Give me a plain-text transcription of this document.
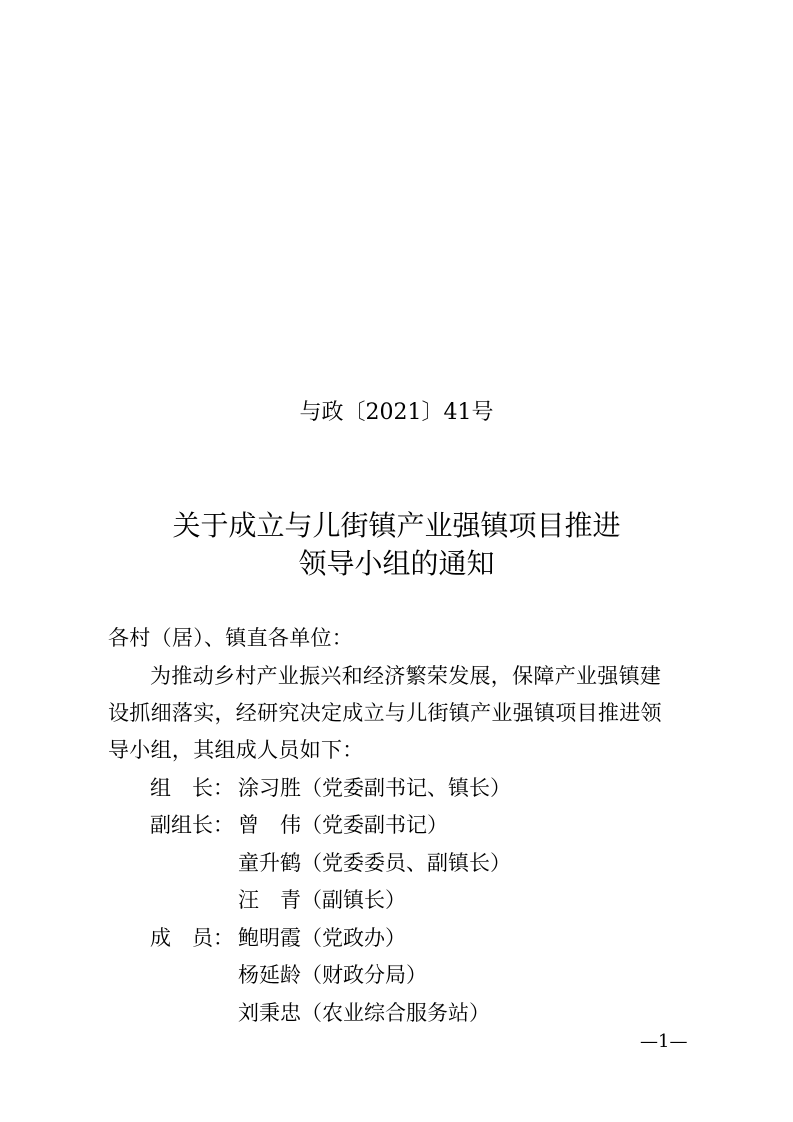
与政〔2021〕41号
关于成立与儿街镇产业强镇项目推进
领导小组的通知
各村（居）、镇直各单位：
为推动乡村产业振兴和经济繁荣发展，保障产业强镇建
设抓细落实，经研究决定成立与儿街镇产业强镇项目推进领
导小组，其组成人员如下：
组　长： 涂习胜（党委副书记、镇长）
副组长： 曾　伟（党委副书记）
童升鹤（党委委员、副镇长）
汪　青（副镇长）
成　员： 鲍明霞（党政办）
杨延龄（财政分局）
刘秉忠（农业综合服务站）
—1—
